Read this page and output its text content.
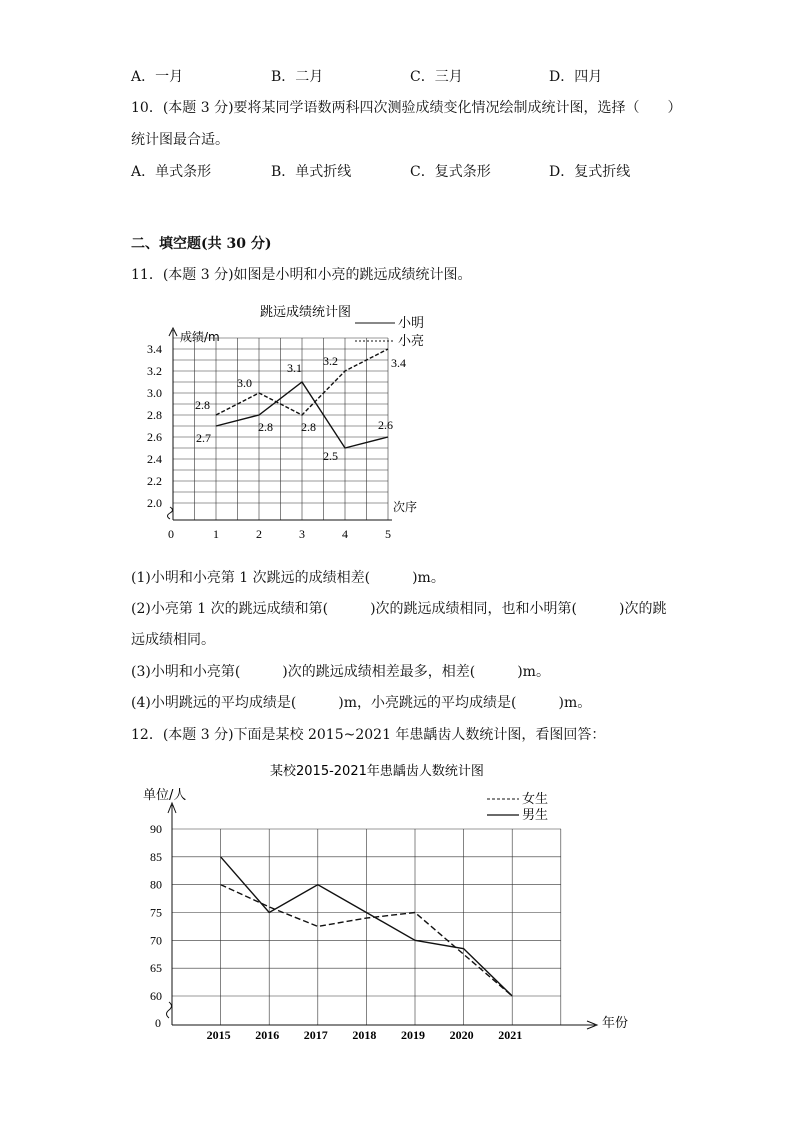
A．一月	B．二月	C．三月	D．四月
10．(本题 3 分)要将某同学语数两科四次测验成绩变化情况绘制成统计图，选择（　　）
统计图最合适。
A．单式条形	B．单式折线	C．复式条形	D．复式折线
二、填空题(共 30 分)
11．(本题 3 分)如图是小明和小亮的跳远成绩统计图。
跳远成绩统计图
成绩/m
次序
0
2.0
2.2
2.4
2.6
2.8
3.0
3.2
3.4
1	2	3	4	5
2.7
2.8
3.1
2.5
2.6
2.8
3.0
2.8
3.2	3.4
小明
小亮
(1)小明和小亮第 1 次跳远的成绩相差(　　　)m。
(2)小亮第 1 次的跳远成绩和第(　　　)次的跳远成绩相同，也和小明第(　　　)次的跳
远成绩相同。
(3)小明和小亮第(　　　)次的跳远成绩相差最多，相差(　　　)m。
(4)小明跳远的平均成绩是(　　　)m，小亮跳远的平均成绩是(　　　)m。
12．(本题 3 分)下面是某校 2015~2021 年患龋齿人数统计图，看图回答：
某校2015-2021年患龋齿人数统计图
单位/人
年份
0
60
65
70
75
80
85
90
2015 2016 2017 2018 2019 2020 2021
女生
男生
